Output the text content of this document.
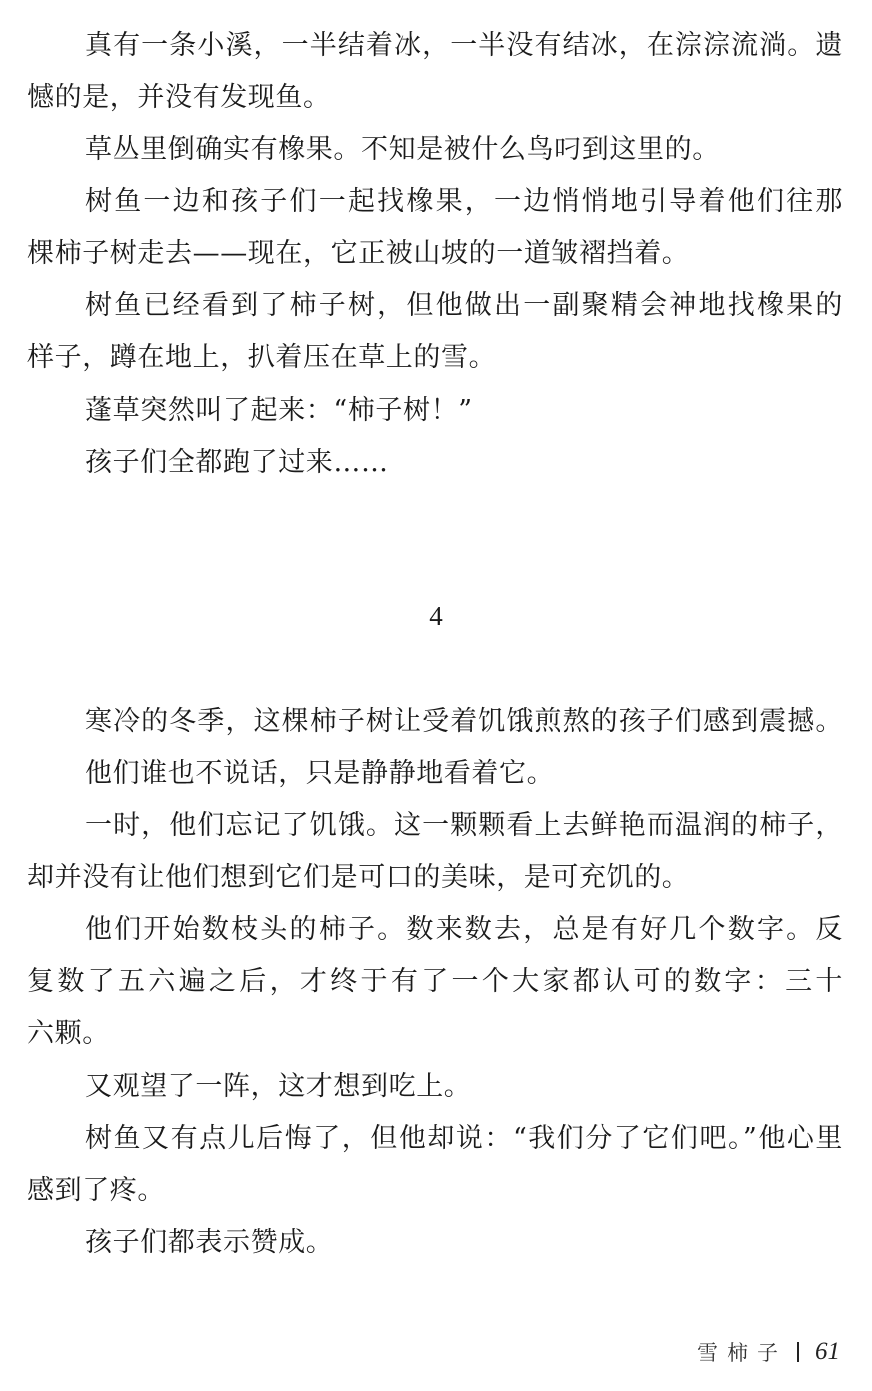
真有一条小溪，一半结着冰，一半没有结冰，在淙淙流淌。遗
憾的是，并没有发现鱼。
草丛里倒确实有橡果。不知是被什么鸟叼到这里的。
树鱼一边和孩子们一起找橡果，一边悄悄地引导着他们往那
棵柿子树走去——现在，它正被山坡的一道皱褶挡着。
树鱼已经看到了柿子树，但他做出一副聚精会神地找橡果的
样子，蹲在地上，扒着压在草上的雪。
蓬草突然叫了起来：“柿子树！”
孩子们全都跑了过来……
寒冷的冬季，这棵柿子树让受着饥饿煎熬的孩子们感到震撼。
他们谁也不说话，只是静静地看着它。
一时，他们忘记了饥饿。这一颗颗看上去鲜艳而温润的柿子，
却并没有让他们想到它们是可口的美味，是可充饥的。
他们开始数枝头的柿子。数来数去，总是有好几个数字。反
复数了五六遍之后，才终于有了一个大家都认可的数字：三十
六颗。
又观望了一阵，这才想到吃上。
树鱼又有点儿后悔了，但他却说：“我们分了它们吧。”他心里
感到了疼。
孩子们都表示赞成。
4
雪柿子 61
